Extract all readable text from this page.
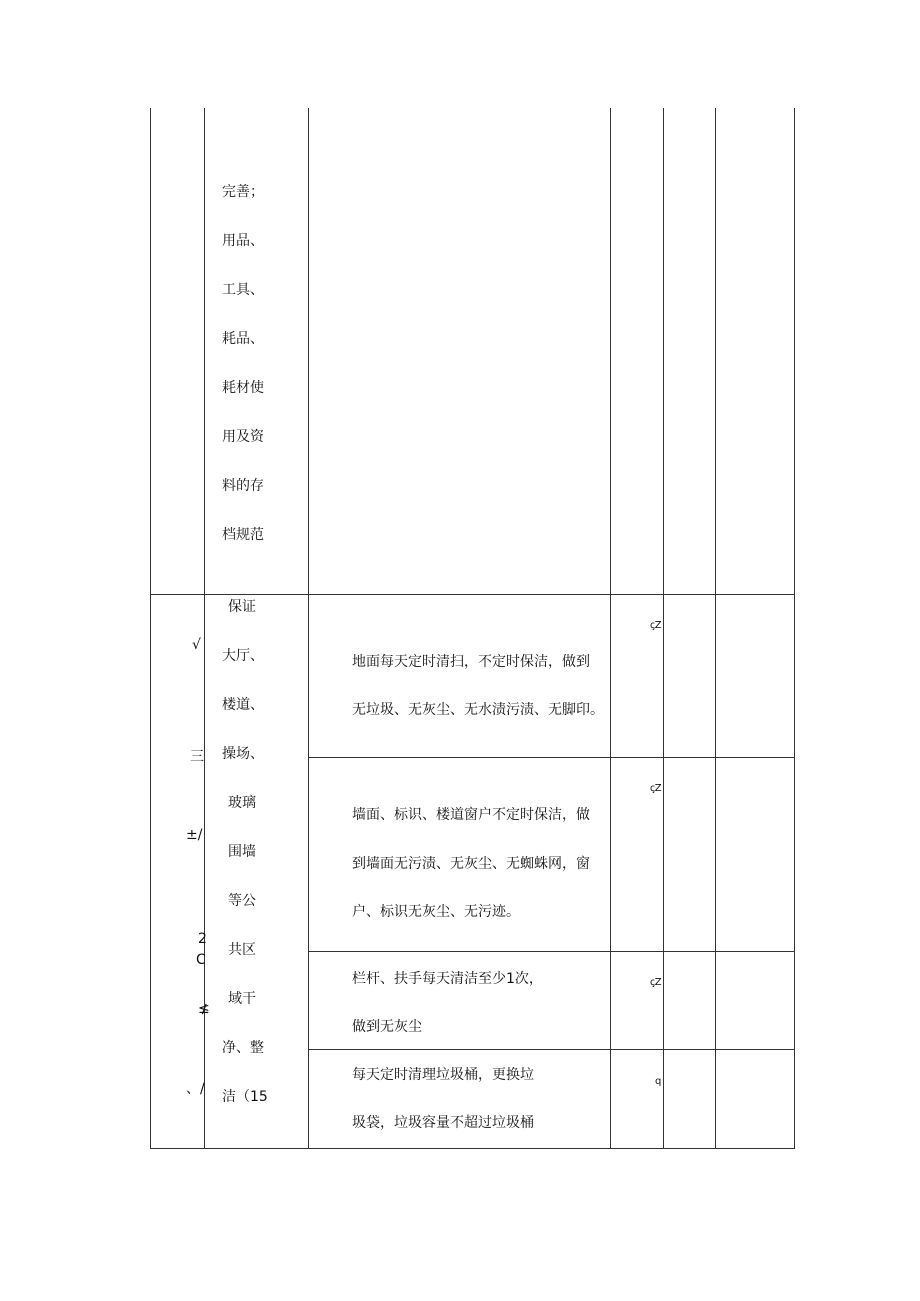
完善；
用品、
工具、
耗品、
耗材使
用及资
料的存
档规范
√
三
±/
2
C
≰
、/
保证
大厅、
楼道、
操场、
玻璃
围墙
等公
共区
域干
净、整
洁（15
地面每天定时清扫，不定时保洁，做到
无垃圾、无灰尘、无水渍污渍、无脚印。
ꞔZ
墙面、标识、楼道窗户不定时保洁，做
到墙面无污渍、无灰尘、无蜘蛛网，窗
户、标识无灰尘、无污迹。
ꞔZ
栏杆、扶手每天清洁至少1次，
做到无灰尘
ꞔZ
每天定时清理垃圾桶，更换垃
圾袋，垃圾容量不超过垃圾桶
q
